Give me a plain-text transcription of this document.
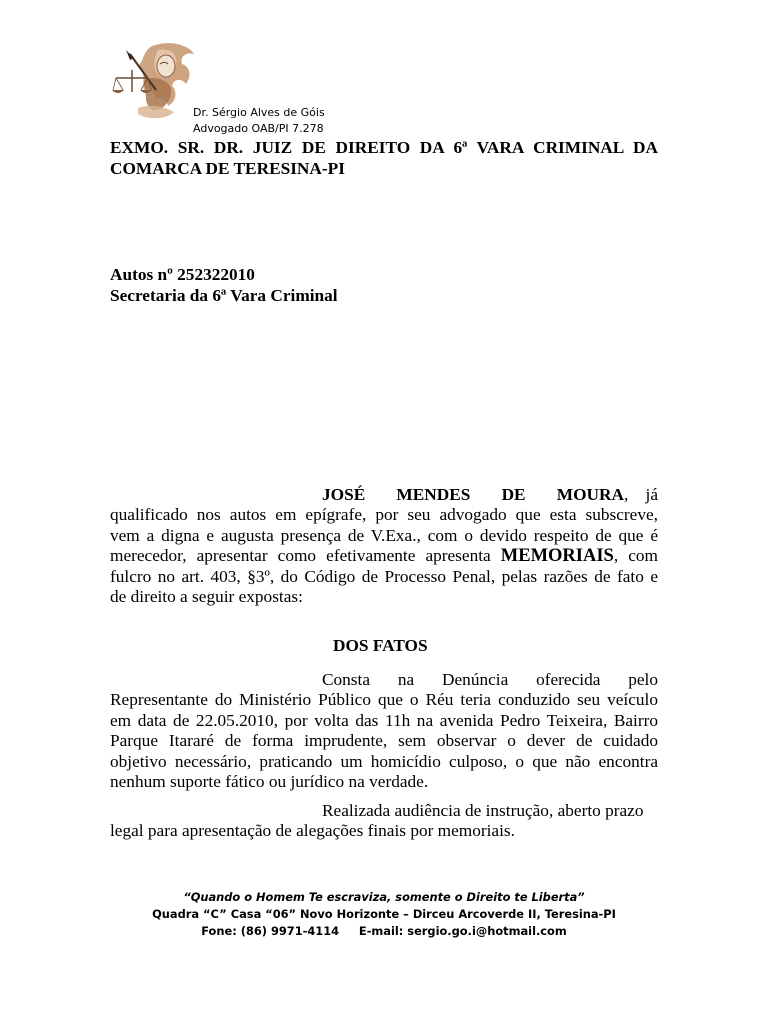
Dr. Sérgio Alves de Góis
Advogado OAB/PI 7.278
EXMO. SR. DR. JUIZ DE DIREITO DA 6ª VARA CRIMINAL DA COMARCA DE TERESINA-PI
Autos nº 252322010
Secretaria da 6ª Vara Criminal
JOSÉ MENDES DE MOURA, já
qualificado nos autos em epígrafe, por seu advogado que esta subscreve,
vem a digna e augusta presença de V.Exa., com o devido respeito de que é
merecedor, apresentar como efetivamente apresenta MEMORIAIS, com
fulcro no art. 403, §3º, do Código de Processo Penal, pelas razões de fato e
de direito a seguir expostas:
DOS FATOS
Consta na Denúncia oferecida pelo
Representante do Ministério Público que o Réu teria conduzido seu veículo
em data de 22.05.2010, por volta das 11h na avenida Pedro Teixeira, Bairro
Parque Itararé de forma imprudente, sem observar o dever de cuidado
objetivo necessário, praticando um homicídio culposo, o que não encontra
nenhum suporte fático ou jurídico na verdade.
Realizada audiência de instrução, aberto prazo
legal para apresentação de alegações finais por memoriais.
“Quando o Homem Te escraviza, somente o Direito te Liberta”
Quadra “C” Casa “06” Novo Horizonte – Dirceu Arcoverde II, Teresina-PI
Fone: (86) 9971-4114     E-mail: sergio.go.i@hotmail.com
